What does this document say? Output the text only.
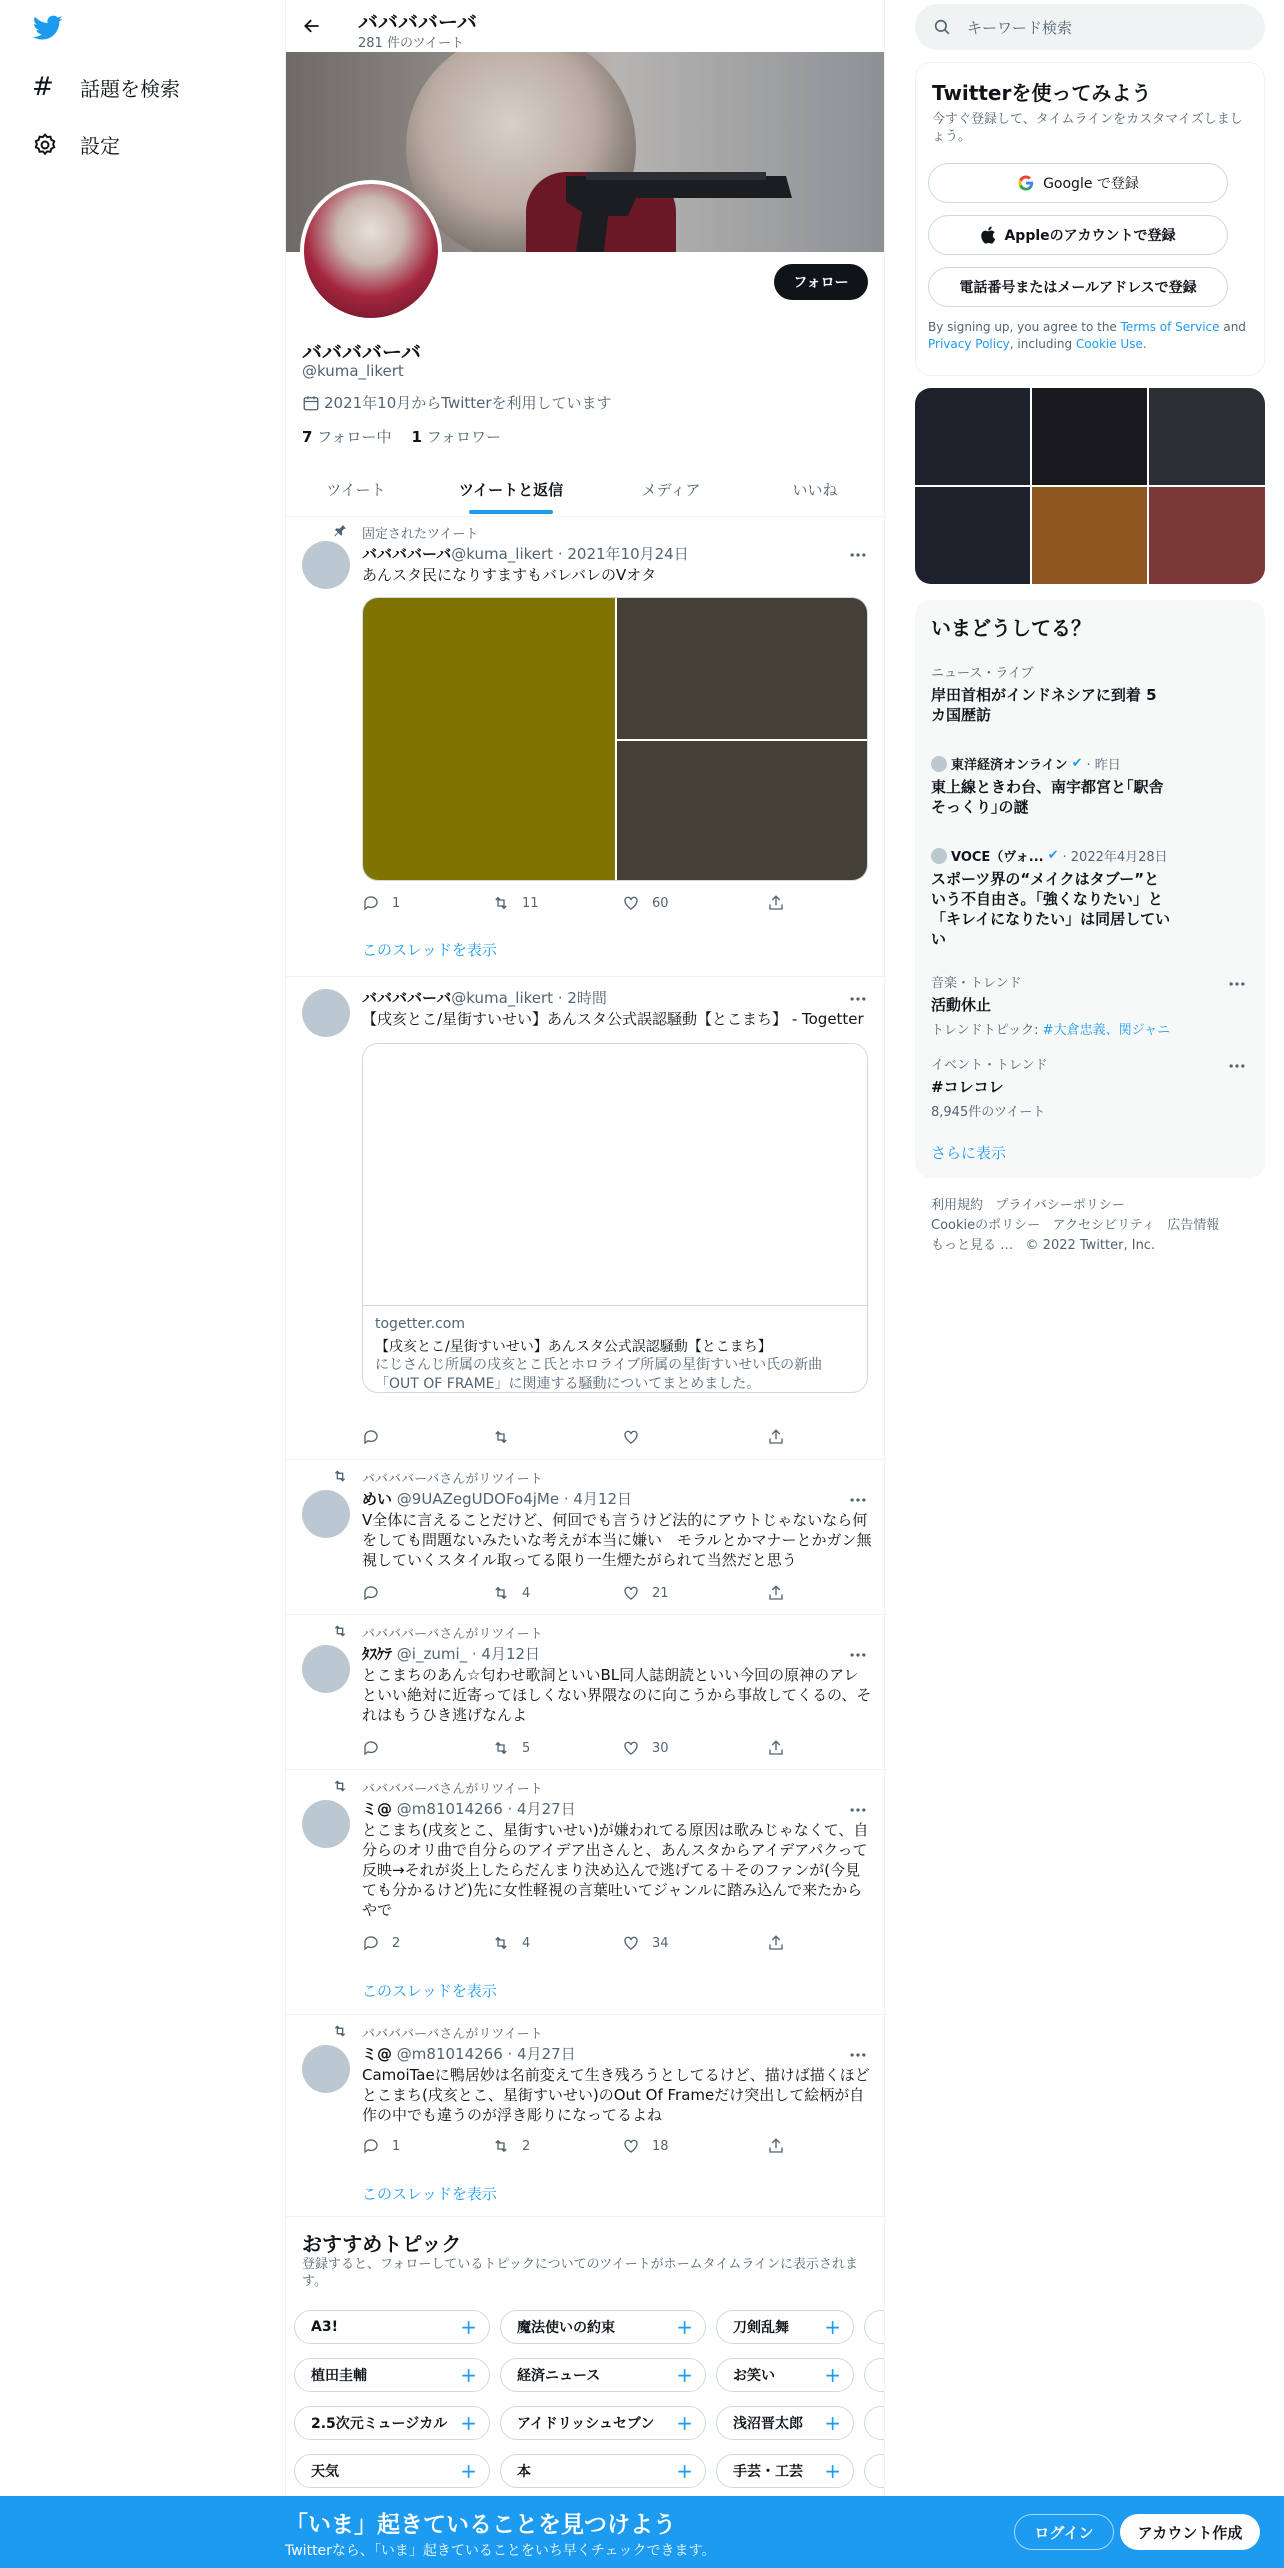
# 話題を検索
設定
ババババーバ
281 件のツイート
フォロー
ババババーバ
@kuma_likert
2021年10月からTwitterを利用しています
7 フォロー中 1 フォロワー
ツイート	ツイートと返信	メディア	いいね
固定されたツイート
ババババーバ@kuma_likert · 2021年10月24日
あんスタ民になりすますもバレバレのVオタ
1	11	60
このスレッドを表示
ババババーバ@kuma_likert · 2時間
【戌亥とこ/星街すいせい】あんスタ公式誤認騒動【とこまち】 - Togetter
togetter.com
【戌亥とこ/星街すいせい】あんスタ公式誤認騒動【とこまち】
にじさんじ所属の戌亥とこ氏とホロライブ所属の星街すいせい氏の新曲「OUT OF FRAME」に関連する騒動についてまとめました。
ババババーバさんがリツイート
めい @9UAZegUDOFo4jMe · 4月12日
V全体に言えることだけど、何回でも言うけど法的にアウトじゃないなら何をしても問題ないみたいな考えが本当に嫌い　モラルとかマナーとかガン無視していくスタイル取ってる限り一生煙たがられて当然だと思う
4	21
ババババーバさんがリツイート
ﾀｽｹﾃ @i_zumi_ · 4月12日
とこまちのあん☆匂わせ歌詞といいBL同人誌朗読といい今回の原神のアレといい絶対に近寄ってほしくない界隈なのに向こうから事故してくるの、それはもうひき逃げなんよ
5	30
ババババーバさんがリツイート
ミ@ @m81014266 · 4月27日
とこまち(戌亥とこ、星街すいせい)が嫌われてる原因は歌みじゃなくて、自分らのオリ曲で自分らのアイデア出さんと、あんスタからアイデアパクって反映→それが炎上したらだんまり決め込んで逃げてる＋そのファンが(今見ても分かるけど)先に女性軽視の言葉吐いてジャンルに踏み込んで来たからやで
2	4	34
このスレッドを表示
ババババーバさんがリツイート
ミ@ @m81014266 · 4月27日
CamoiTaeに鴨居妙は名前変えて生き残ろうとしてるけど、描けば描くほどとこまち(戌亥とこ、星街すいせい)のOut Of Frameだけ突出して絵柄が自作の中でも違うのが浮き彫りになってるよね
1	2	18
このスレッドを表示
おすすめトピック
登録すると、フォローしているトピックについてのツイートがホームタイムラインに表示されます。
A3!	+	魔法使いの約束	+	刀剣乱舞 +
植田圭輔	+	経済ニュース	+	お笑い +
2.5次元ミュージカル +	アイドリッシュセブン +	浅沼晋太郎 +
天気	+	本	+	手芸・工芸 +
キーワード検索
Twitterを使ってみよう
今すぐ登録して、タイムラインをカスタマイズしましょう。
Google で登録
Appleのアカウントで登録
電話番号またはメールアドレスで登録
By signing up, you agree to the Terms of Service and Privacy Policy, including Cookie Use.
いまどうしてる？
ニュース・ライブ
岸田首相がインドネシアに到着 5カ国歴訪
東洋経済オンライン ✔ · 昨日
東上線ときわ台、南宇都宮と｢駅舎そっくり｣の謎
VOCE（ヴォ... ✔ · 2022年4月28日
スポーツ界の“メイクはタブー”という不自由さ。「強くなりたい」と「キレイになりたい」は同居していい
音楽・トレンド
活動休止
トレンドトピック: #大倉忠義、関ジャニ
イベント・トレンド
#コレコレ
8,945件のツイート
さらに表示
利用規約 プライバシーポリシー
Cookieのポリシー アクセシビリティ 広告情報
もっと見る … © 2022 Twitter, Inc.
「いま」起きていることを見つけよう
Twitterなら、「いま」起きていることをいち早くチェックできます。
ログイン	アカウント作成
